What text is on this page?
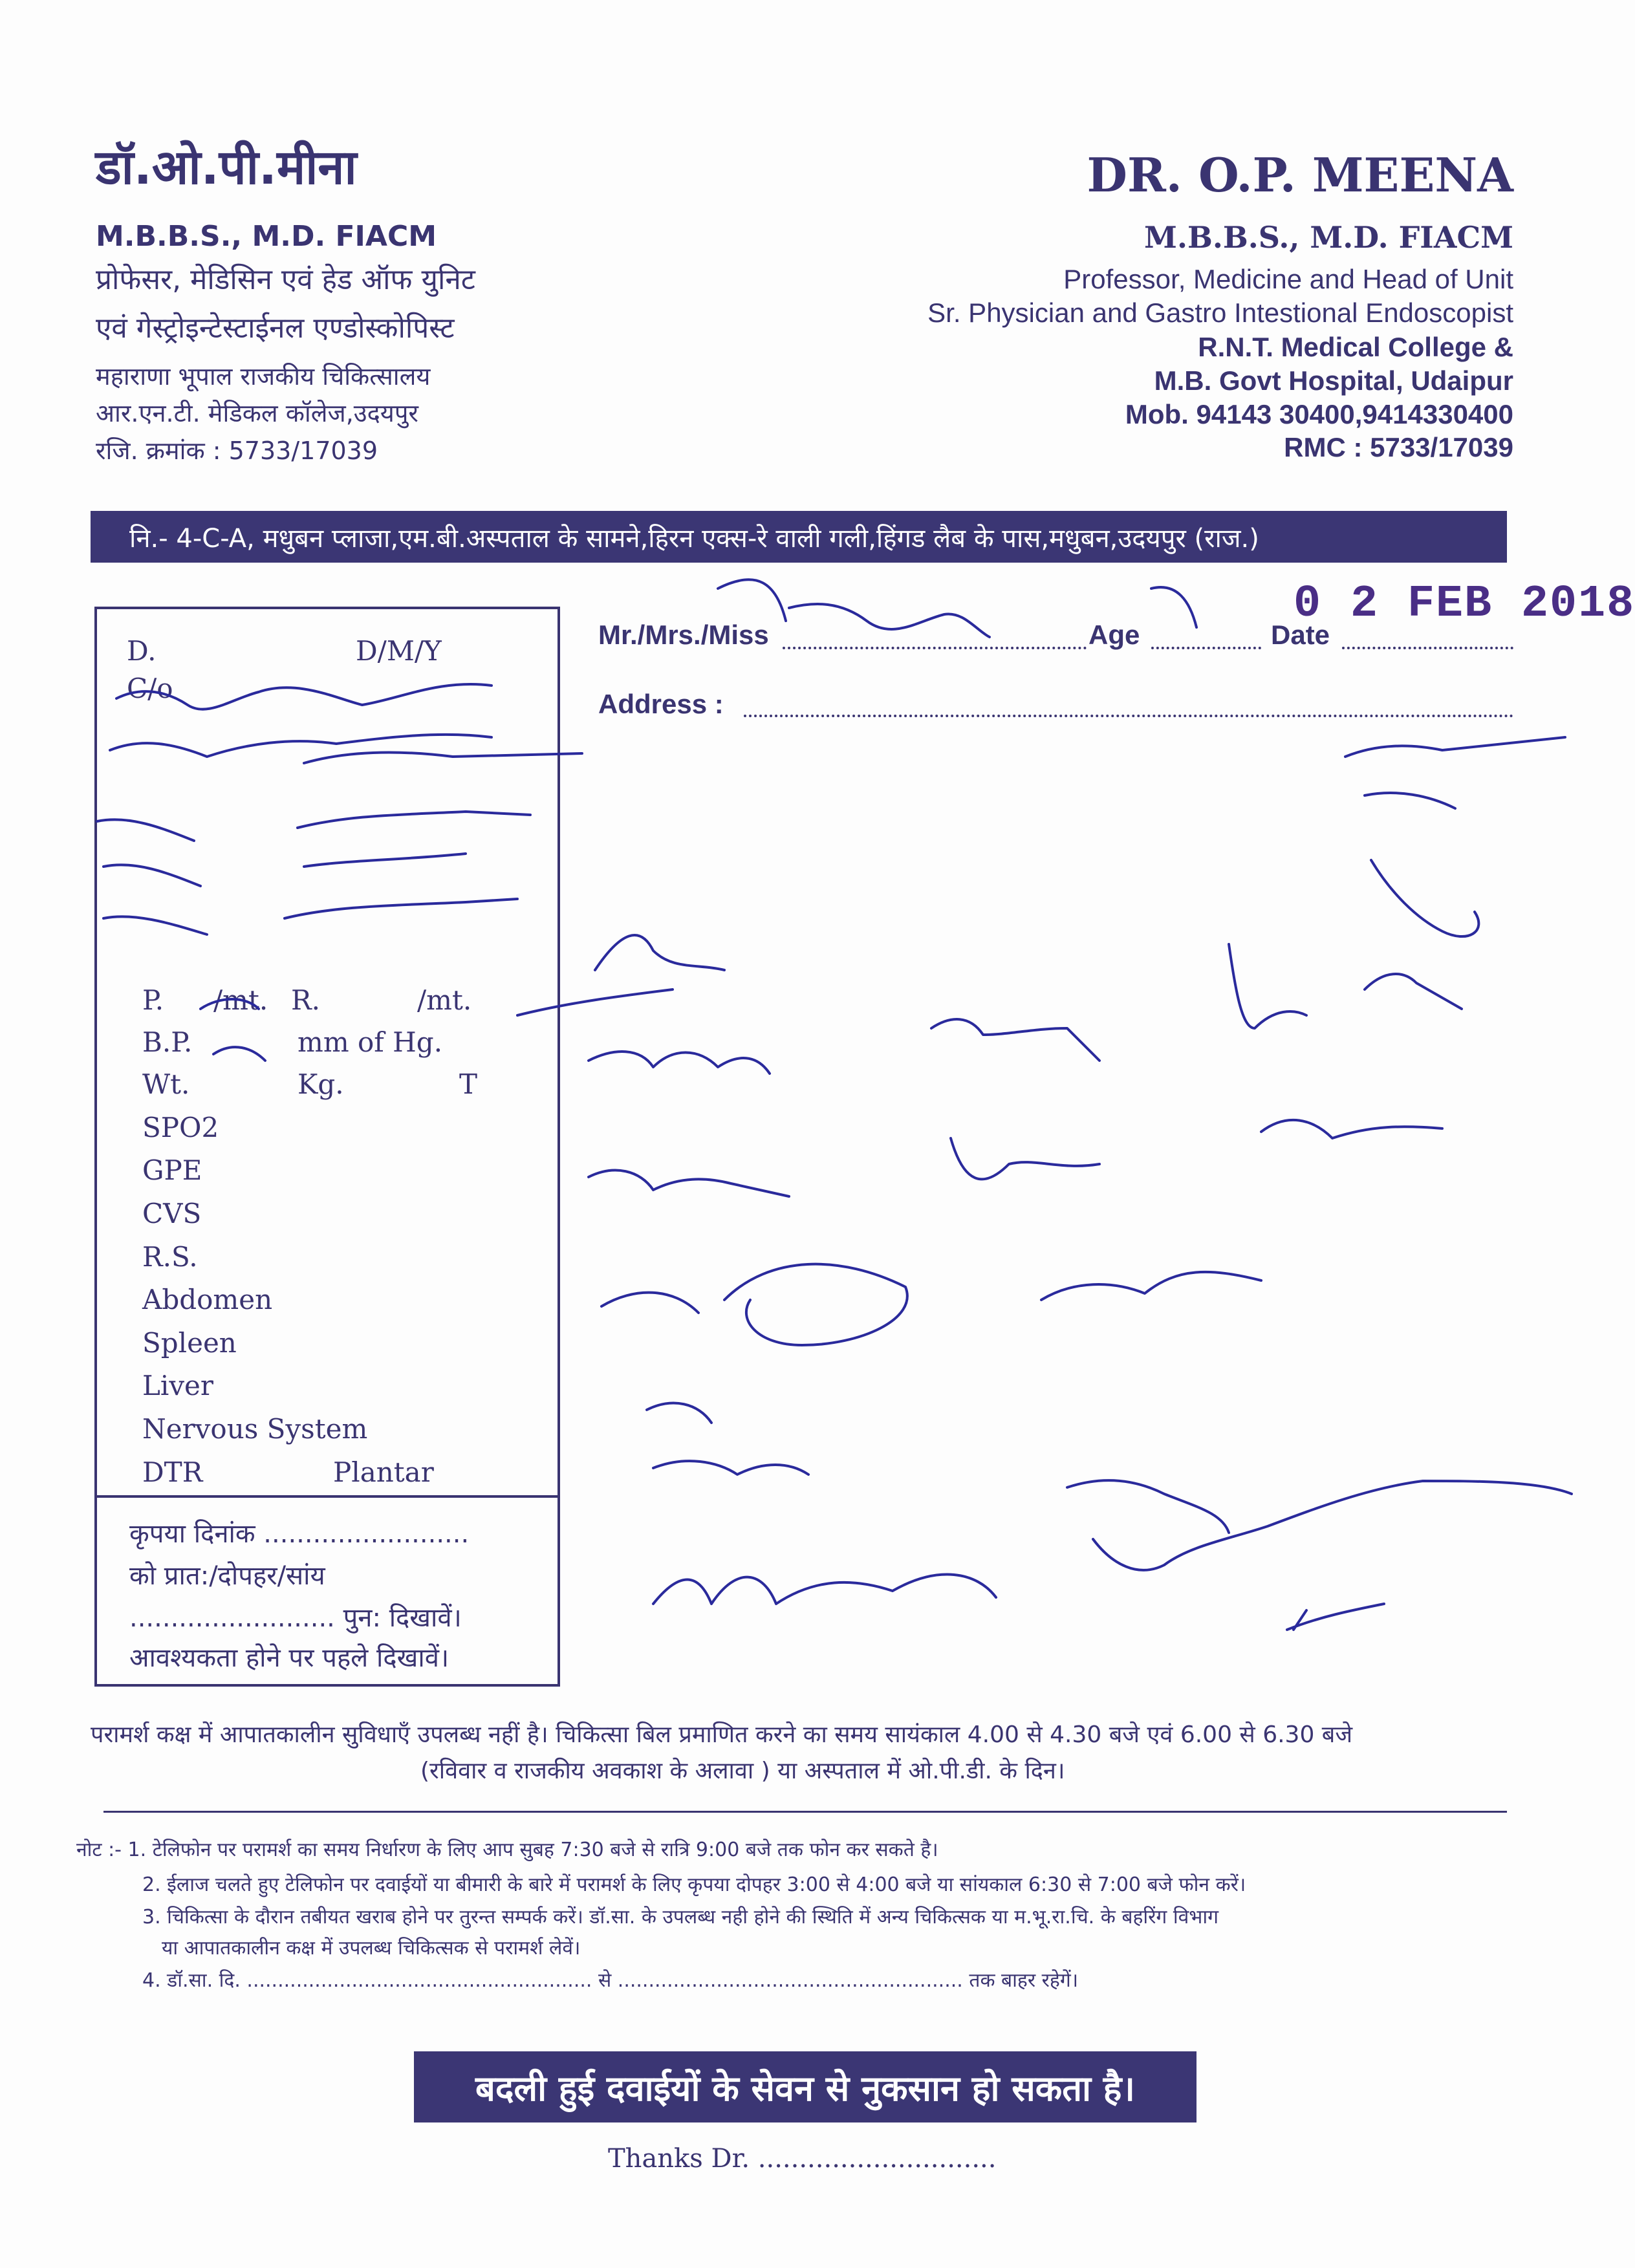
डॉ.ओ.पी.मीना
M.B.B.S., M.D. FIACM
प्रोफेसर, मेडिसिन एवं हेड ऑफ युनिट
एवं गेस्ट्रोइन्टेस्टाईनल एण्डोस्कोपिस्ट
महाराणा भूपाल राजकीय चिकित्सालय
आर.एन.टी. मेडिकल कॉलेज,उदयपुर
रजि. क्रमांक : 5733/17039
DR. O.P. MEENA
M.B.B.S., M.D. FIACM
Professor, Medicine and Head of Unit
Sr. Physician and Gastro Intestional Endoscopist
R.N.T. Medical College &
M.B. Govt Hospital, Udaipur
Mob. 94143 30400,9414330400
RMC : 5733/17039
नि.- 4-C-A, मधुबन प्लाजा,एम.बी.अस्पताल के सामने,हिरन एक्स-रे वाली गली,हिंगड लैब के पास,मधुबन,उदयपुर (राज.)
0 2 FEB 2018
Mr./Mrs./Miss	Age	Date
Address :
D.	D/M/Y
C/o
P. /mt. R.	/mt.
B.P.	mm of Hg.
Wt.	Kg.	T
SPO2
GPE
CVS
R.S.
Abdomen
Spleen
Liver
Nervous System
DTR	Plantar
कृपया दिनांक .........................
को प्रात:/दोपहर/सांय
......................... पुन: दिखावें।
आवश्यकता होने पर पहले दिखावें।
परामर्श कक्ष में आपातकालीन सुविधाएँ उपलब्ध नहीं है। चिकित्सा बिल प्रमाणित करने का समय सायंकाल 4.00 से 4.30 बजे एवं 6.00 से 6.30 बजे
(रविवार व राजकीय अवकाश के अलावा ) या अस्पताल में ओ.पी.डी. के दिन।
नोट :- 1. टेलिफोन पर परामर्श का समय निर्धारण के लिए आप सुबह 7:30 बजे से रात्रि 9:00 बजे तक फोन कर सकते है।
2. ईलाज चलते हुए टेलिफोन पर दवाईयों या बीमारी के बारे में परामर्श के लिए कृपया दोपहर 3:00 से 4:00 बजे या सांयकाल 6:30 से 7:00 बजे फोन करें।
3. चिकित्सा के दौरान तबीयत खराब होने पर तुरन्त सम्पर्क करें। डॉ.सा. के उपलब्ध नही होने की स्थिति में अन्य चिकित्सक या म.भू.रा.चि. के बहरिंग विभाग
या आपातकालीन कक्ष में उपलब्ध चिकित्सक से परामर्श लेवें।
4. डॉ.सा. दि. ........................................................ से ........................................................ तक बाहर रहेगें।
बदली हुई दवाईयों के सेवन से नुकसान हो सकता है।
Thanks Dr. .............................
